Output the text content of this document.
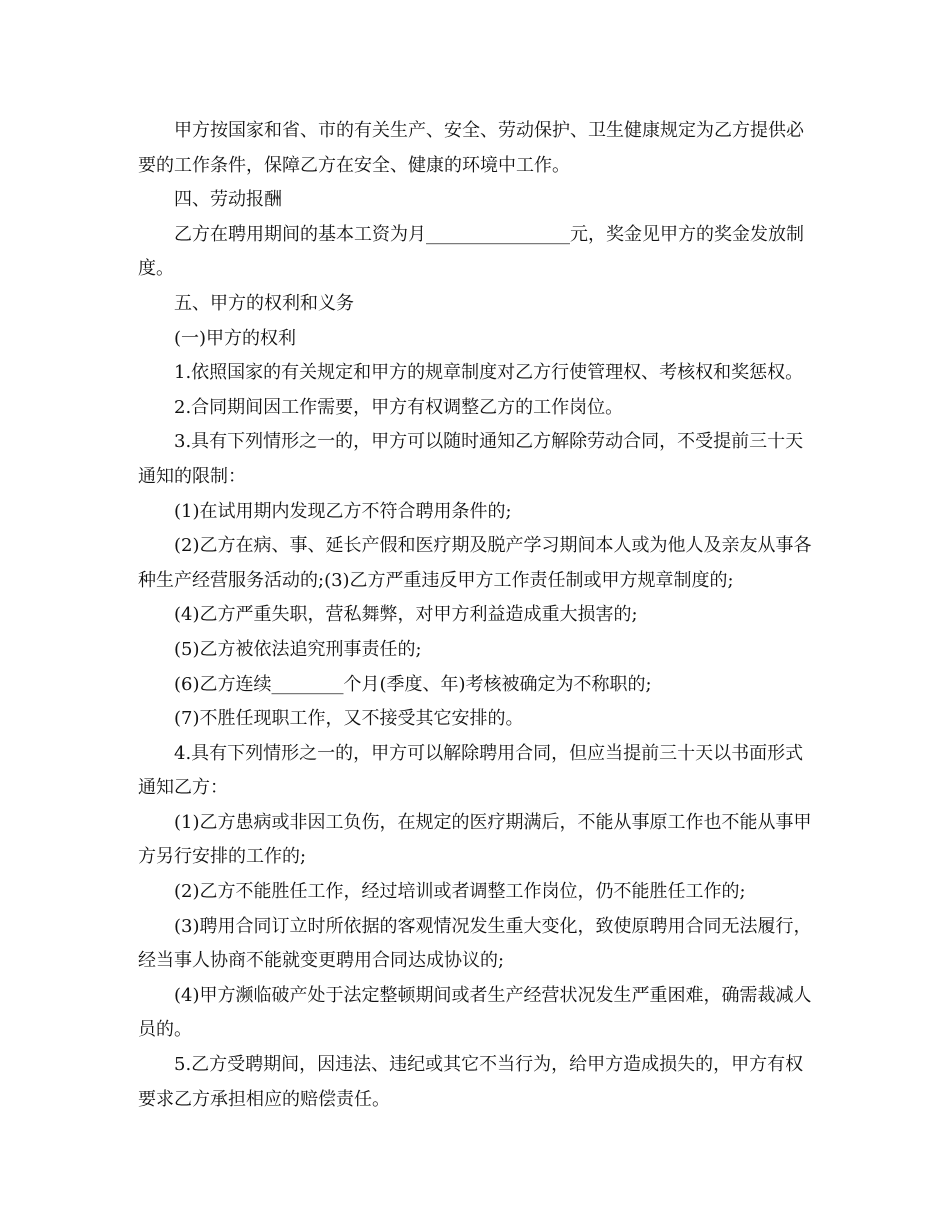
甲方按国家和省、市的有关生产、安全、劳动保护、卫生健康规定为乙方提供必要的工作条件，保障乙方在安全、健康的环境中工作。

四、劳动报酬

乙方在聘用期间的基本工资为月________________元，奖金见甲方的奖金发放制度。

五、甲方的权利和义务

(一)甲方的权利

1.依照国家的有关规定和甲方的规章制度对乙方行使管理权、考核权和奖惩权。

2.合同期间因工作需要，甲方有权调整乙方的工作岗位。

3.具有下列情形之一的，甲方可以随时通知乙方解除劳动合同，不受提前三十天通知的限制：

(1)在试用期内发现乙方不符合聘用条件的;

(2)乙方在病、事、延长产假和医疗期及脱产学习期间本人或为他人及亲友从事各种生产经营服务活动的;(3)乙方严重违反甲方工作责任制或甲方规章制度的;

(4)乙方严重失职，营私舞弊，对甲方利益造成重大损害的;

(5)乙方被依法追究刑事责任的;

(6)乙方连续________个月(季度、年)考核被确定为不称职的;

(7)不胜任现职工作，又不接受其它安排的。

4.具有下列情形之一的，甲方可以解除聘用合同，但应当提前三十天以书面形式通知乙方：

(1)乙方患病或非因工负伤，在规定的医疗期满后，不能从事原工作也不能从事甲方另行安排的工作的;

(2)乙方不能胜任工作，经过培训或者调整工作岗位，仍不能胜任工作的;

(3)聘用合同订立时所依据的客观情况发生重大变化，致使原聘用合同无法履行，经当事人协商不能就变更聘用合同达成协议的;

(4)甲方濒临破产处于法定整顿期间或者生产经营状况发生严重困难，确需裁减人员的。

5.乙方受聘期间，因违法、违纪或其它不当行为，给甲方造成损失的，甲方有权要求乙方承担相应的赔偿责任。
